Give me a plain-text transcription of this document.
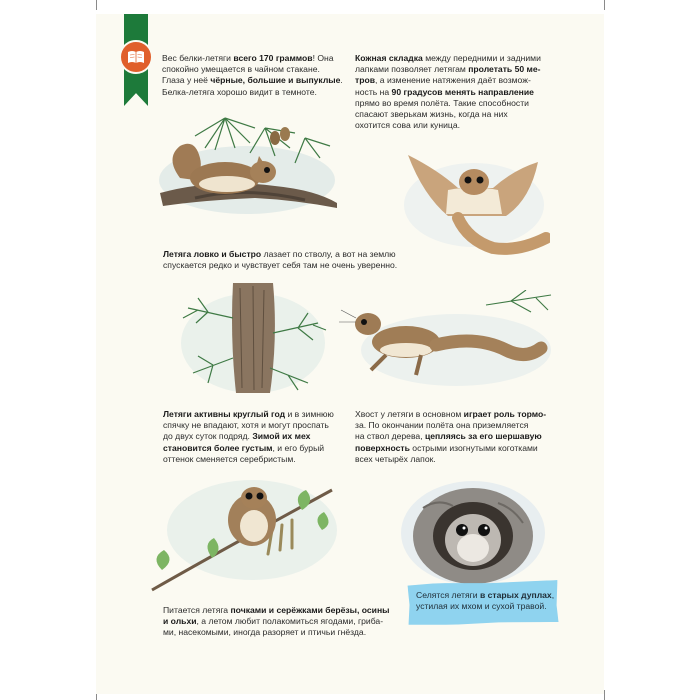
Вес белки-летяги всего 170 граммов! Она

спокойно умещается в чайном стакане.

Глаза у неё чёрные, большие и выпуклые.

Белка-летяга хорошо видит в темноте.

Кожная складка между передними и задними

лапками позволяет летягам пролетать 50 ме-

тров, а изменение натяжения даёт возмож-

ность на 90 градусов менять направление

прямо во время полёта. Такие способности

спасают зверькам жизнь, когда на них

охотится сова или куница.

Летяга ловко и быстро лазает по стволу, а вот на землю

спускается редко и чувствует себя там не очень уверенно.

Летяги активны круглый год и в зимнюю

спячку не впадают, хотя и могут проспать

до двух суток подряд. Зимой их мех

становится более густым, и его бурый

оттенок сменяется серебристым.

Хвост у летяги в основном играет роль тормо-

за. По окончании полёта она приземляется

на ствол дерева, цепляясь за его шершавую

поверхность острыми изогнутыми коготками

всех четырёх лапок.

Селятся летяги в старых дуплах,

устилая их мхом и сухой травой.

Питается летяга почками и серёжками берёзы, осины

и ольхи, а летом любит полакомиться ягодами, гриба-

ми, насекомыми, иногда разоряет и птичьи гнёзда.
